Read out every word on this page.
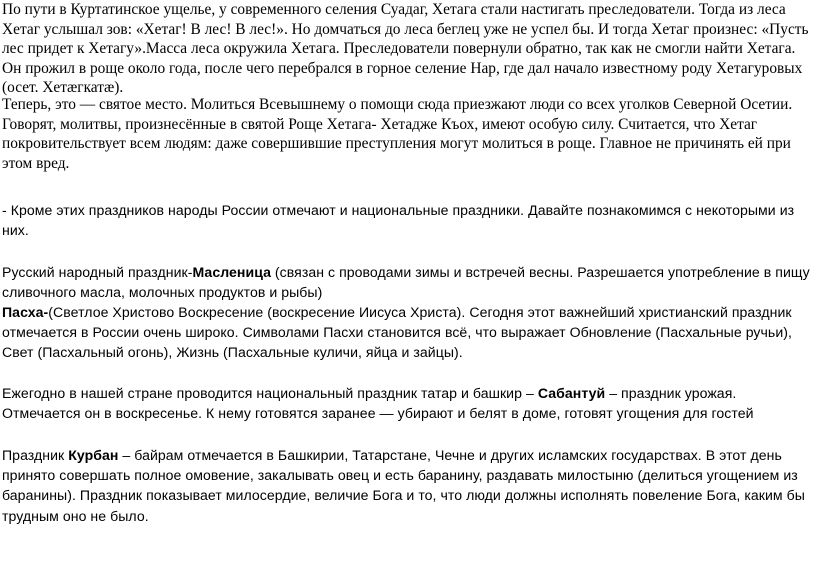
По пути в Куртатинское ущелье, у современного селения Суадаг, Хетага стали настигать преследователи. Тогда из леса Хетаг услышал зов: «Хетаг! В лес! В лес!». Но домчаться до леса беглец уже не успел бы. И тогда Хетаг произнес: «Пусть лес придет к Хетагу».Масса леса окружила Хетага. Преследователи повернули обратно, так как не смогли найти Хетага. Он прожил в роще около года, после чего перебрался в горное селение Нар, где дал начало известному роду Хетагуровых (осет. Хетæгкатæ).

Теперь, это — святое место. Молиться Всевышнему о помощи сюда приезжают люди со всех уголков Северной Осетии. Говорят, молитвы, произнесённые в святой Роще Хетага- Хетадже Къох, имеют особую силу. Считается, что Хетаг покровительствует всем людям: даже совершившие преступления могут молиться в роще. Главное не причинять ей при этом вред.

- Кроме этих праздников народы России отмечают и национальные праздники. Давайте познакомимся с некоторыми из них.

Русский народный праздник-Масленица (связан с проводами зимы и встречей весны. Разрешается употребление в пищу сливочного масла, молочных продуктов и рыбы)

Пасха-(Светлое Христово Воскресение (воскресение Иисуса Христа). Сегодня этот важнейший христианский праздник отмечается в России очень широко. Символами Пасхи становится всё, что выражает Обновление (Пасхальные ручьи), Свет (Пасхальный огонь), Жизнь (Пасхальные куличи, яйца и зайцы).

Ежегодно в нашей стране проводится национальный праздник татар и башкир – Сабантуй – праздник урожая. Отмечается он в воскресенье. К нему готовятся заранее — убирают и белят в доме, готовят угощения для гостей

Праздник Курбан – байрам отмечается в Башкирии, Татарстане, Чечне и других исламских государствах. В этот день принято совершать полное омовение, закалывать овец и есть баранину, раздавать милостыню (делиться угощением из баранины). Праздник показывает милосердие, величие Бога и то, что люди должны исполнять повеление Бога, каким бы трудным оно не было.
